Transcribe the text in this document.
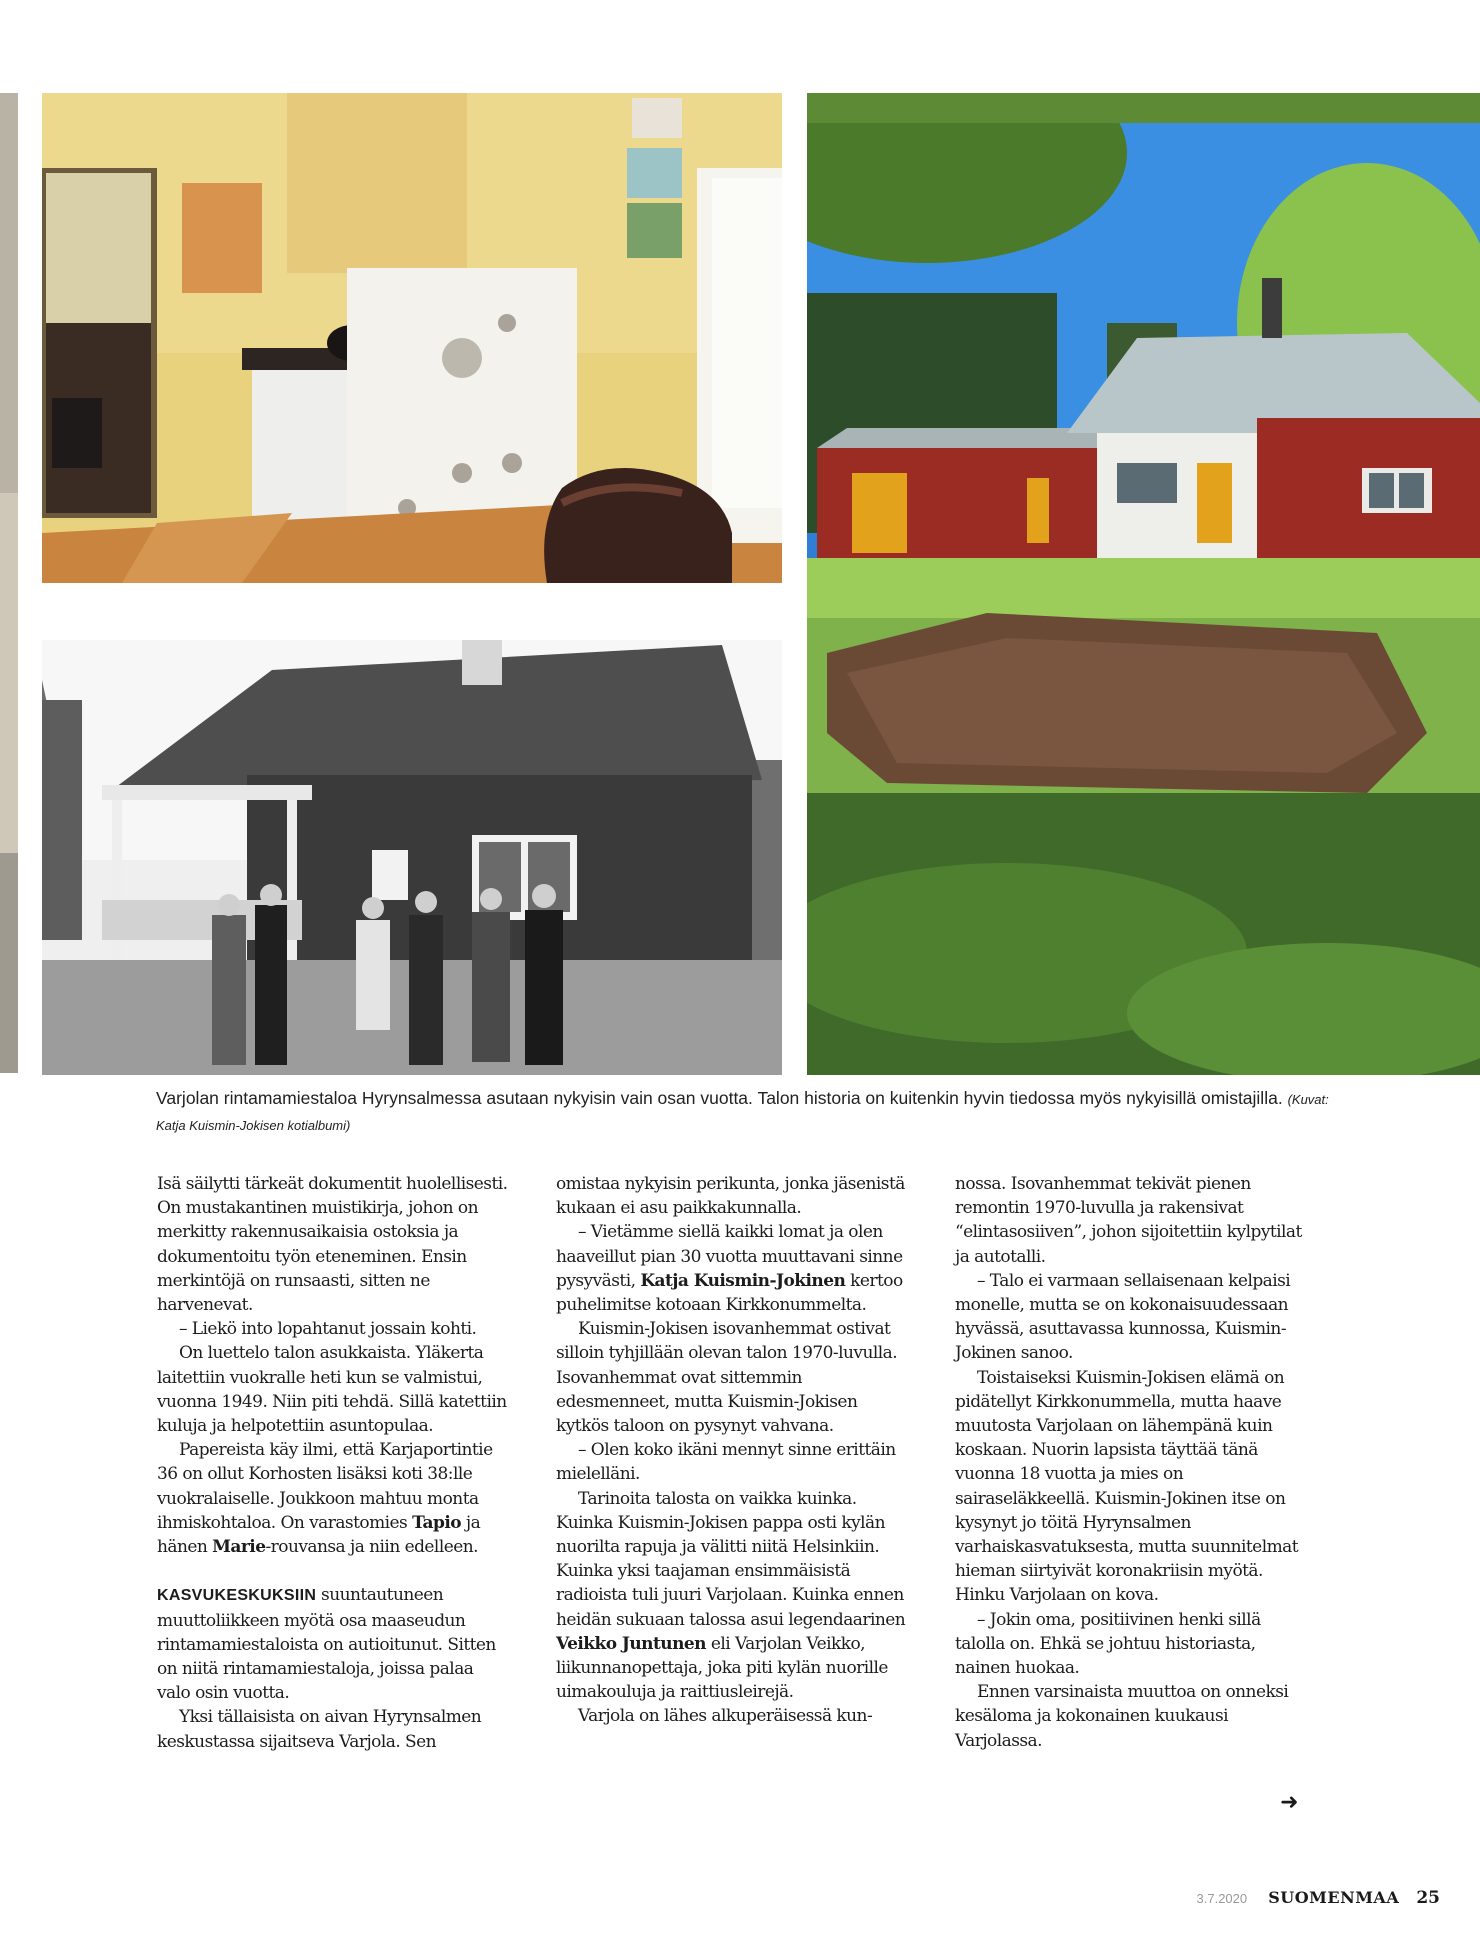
Varjolan rintamamiestaloa Hyrynsalmessa asutaan nykyisin vain osan vuotta. Talon historia on kuitenkin hyvin tiedossa myös nykyisillä omistajilla. (Kuvat: Katja Kuismin-Jokisen kotialbumi)

Isä säilytti tärkeät dokumentit huolellisesti. On mustakantinen muistikirja, johon on merkitty rakennusaikaisia ostoksia ja dokumentoitu työn eteneminen. Ensin merkintöjä on runsaasti, sitten ne harvenevat.

– Liekö into lopahtanut jossain kohti.

On luettelo talon asukkaista. Yläkerta laitettiin vuokralle heti kun se valmistui, vuonna 1949. Niin piti tehdä. Sillä katettiin kuluja ja helpotettiin asuntopulaa.

Papereista käy ilmi, että Karjaportintie 36 on ollut Korhosten lisäksi koti 38:lle vuokralaiselle. Joukkoon mahtuu monta ihmiskohtaloa. On varastomies Tapio ja hänen Marie-rouvansa ja niin edelleen.

KASVUKESKUKSIIN suuntautuneen muuttoliikkeen myötä osa maaseudun rintamamiestaloista on autioitunut. Sitten on niitä rintamamiestaloja, joissa palaa valo osin vuotta.

Yksi tällaisista on aivan Hyrynsalmen keskustassa sijaitseva Varjola. Sen

omistaa nykyisin perikunta, jonka jäsenistä kukaan ei asu paikkakunnalla.

– Vietämme siellä kaikki lomat ja olen haaveillut pian 30 vuotta muuttavani sinne pysyvästi, Katja Kuismin-Jokinen kertoo puhelimitse kotoaan Kirkkonummelta.

Kuismin-Jokisen isovanhemmat ostivat silloin tyhjillään olevan talon 1970-luvulla. Isovanhemmat ovat sittemmin edesmenneet, mutta Kuismin-Jokisen kytkös taloon on pysynyt vahvana.

– Olen koko ikäni mennyt sinne erittäin mielelläni.

Tarinoita talosta on vaikka kuinka. Kuinka Kuismin-Jokisen pappa osti kylän nuorilta rapuja ja välitti niitä Helsinkiin. Kuinka yksi taajaman ensimmäisistä radioista tuli juuri Varjolaan. Kuinka ennen heidän sukuaan talossa asui legendaarinen Veikko Juntunen eli Varjolan Veikko, liikunnanopettaja, joka piti kylän nuorille uimakouluja ja raittiusleirejä.

Varjola on lähes alkuperäisessä kun-

nossa. Isovanhemmat tekivät pienen remontin 1970-luvulla ja rakensivat “elintasosiiven”, johon sijoitettiin kylpytilat ja autotalli.

– Talo ei varmaan sellaisenaan kelpaisi monelle, mutta se on kokonaisuudessaan hyvässä, asuttavassa kunnossa, Kuismin-Jokinen sanoo.

Toistaiseksi Kuismin-Jokisen elämä on pidätellyt Kirkkonummella, mutta haave muutosta Varjolaan on lähempänä kuin koskaan. Nuorin lapsista täyttää tänä vuonna 18 vuotta ja mies on sairaseläkkeellä. Kuismin-Jokinen itse on kysynyt jo töitä Hyrynsalmen varhaiskasvatuksesta, mutta suunnitelmat hieman siirtyivät koronakriisin myötä. Hinku Varjolaan on kova.

– Jokin oma, positiivinen henki sillä talolla on. Ehkä se johtuu historiasta, nainen huokaa.

Ennen varsinaista muuttoa on onneksi kesäloma ja kokonainen kuukausi Varjolassa.

➜
3.7.2020 SUOMENMAA 25
